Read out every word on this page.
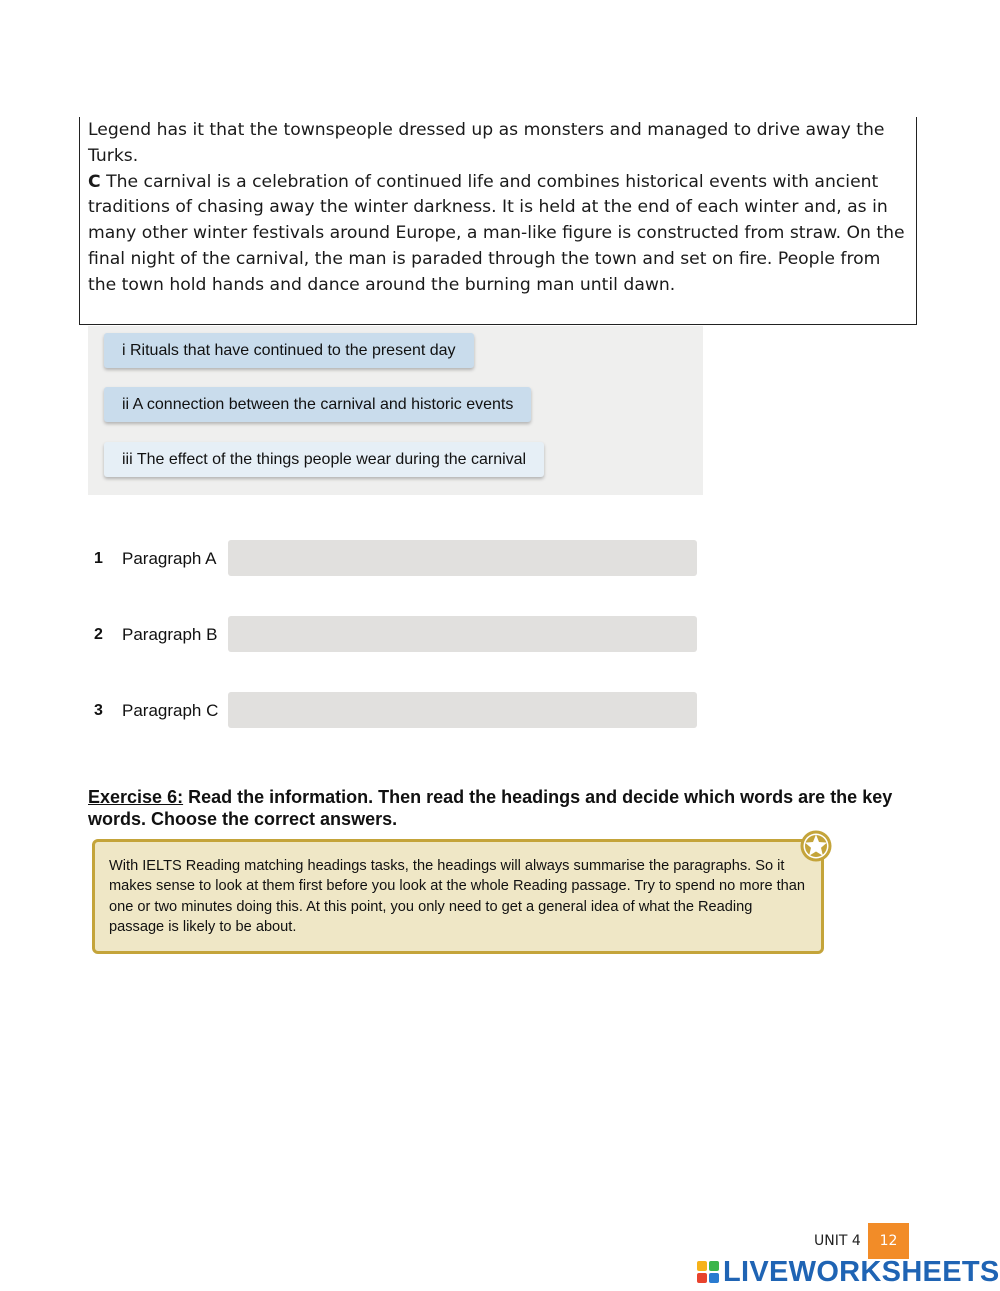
Legend has it that the townspeople dressed up as monsters and managed to drive away the

Turks.

C The carnival is a celebration of continued life and combines historical events with ancient traditions of chasing away the winter darkness. It is held at the end of each winter and, as in many other winter festivals around Europe, a man-like figure is constructed from straw. On the final night of the carnival, the man is paraded through the town and set on fire. People from the town hold hands and dance around the burning man until dawn.

i Rituals that have continued to the present day
ii A connection between the carnival and historic events
iii The effect of the things people wear during the carnival
1 Paragraph A
2 Paragraph B
3 Paragraph C
Exercise 6: Read the information. Then read the headings and decide which words are the key words. Choose the correct answers.
With IELTS Reading matching headings tasks, the headings will always summarise the paragraphs. So it makes sense to look at them first before you look at the whole Reading passage. Try to spend no more than one or two minutes doing this. At this point, you only need to get a general idea of what the Reading passage is likely to be about.
UNIT 4	12
LIVEWORKSHEETS
